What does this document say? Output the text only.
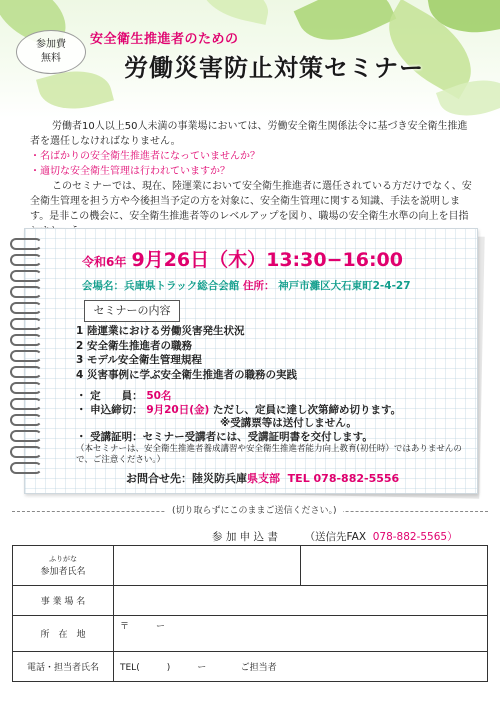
参加費
無料
安全衛生推進者のための
労働災害防止対策セミナー

労働者10人以上50人未満の事業場においては、労働安全衛生関係法令に基づき安全衛生推進者を選任しなければなりません。

・名ばかりの安全衛生推進者になっていませんか？

・適切な安全衛生管理は行われていますか？

このセミナーでは、現在、陸運業において安全衛生推進者に選任されている方だけでなく、安全衛生管理を担う方や今後担当予定の方を対象に、安全衛生管理に関する知識、手法を説明します。是非この機会に、安全衛生推進者等のレベルアップを図り、職場の安全衛生水準の向上を目指

令和6年 9月26日（木）13:30−16:00
会場名：兵庫県トラック総合会館 住所： 神戸市灘区大石東町2-4-27
セミナーの内容
1 陸運業における労働災害発生状況
2 安全衛生推進者の職務
3 モデル安全衛生管理規程
4 災害事例に学ぶ安全衛生推進者の職務の実践
・ 定　　員： 50名
・ 申込締切： 9月20日(金) ただし、定員に達し次第締め切ります。
※受講票等は送付しません。
・ 受講証明：セミナー受講者には、受講証明書を交付します。
（本セミナーは、安全衛生推進者養成講習や安全衛生推進者能力向上教育(初任時）ではありませんので、ご注意ください。）
お問合せ先：陸災防兵庫県支部 TEL 078-882-5556
(切り取らずにこのままご送信ください。)
参 加 申 込 書	（送信先FAX 078-882-5565）
ふりがな
参加者氏名		
事 業 場 名		
所　在　地	〒　　　ー	
電話・担当者氏名	TEL(　　　)　　　ー ご担当者	
